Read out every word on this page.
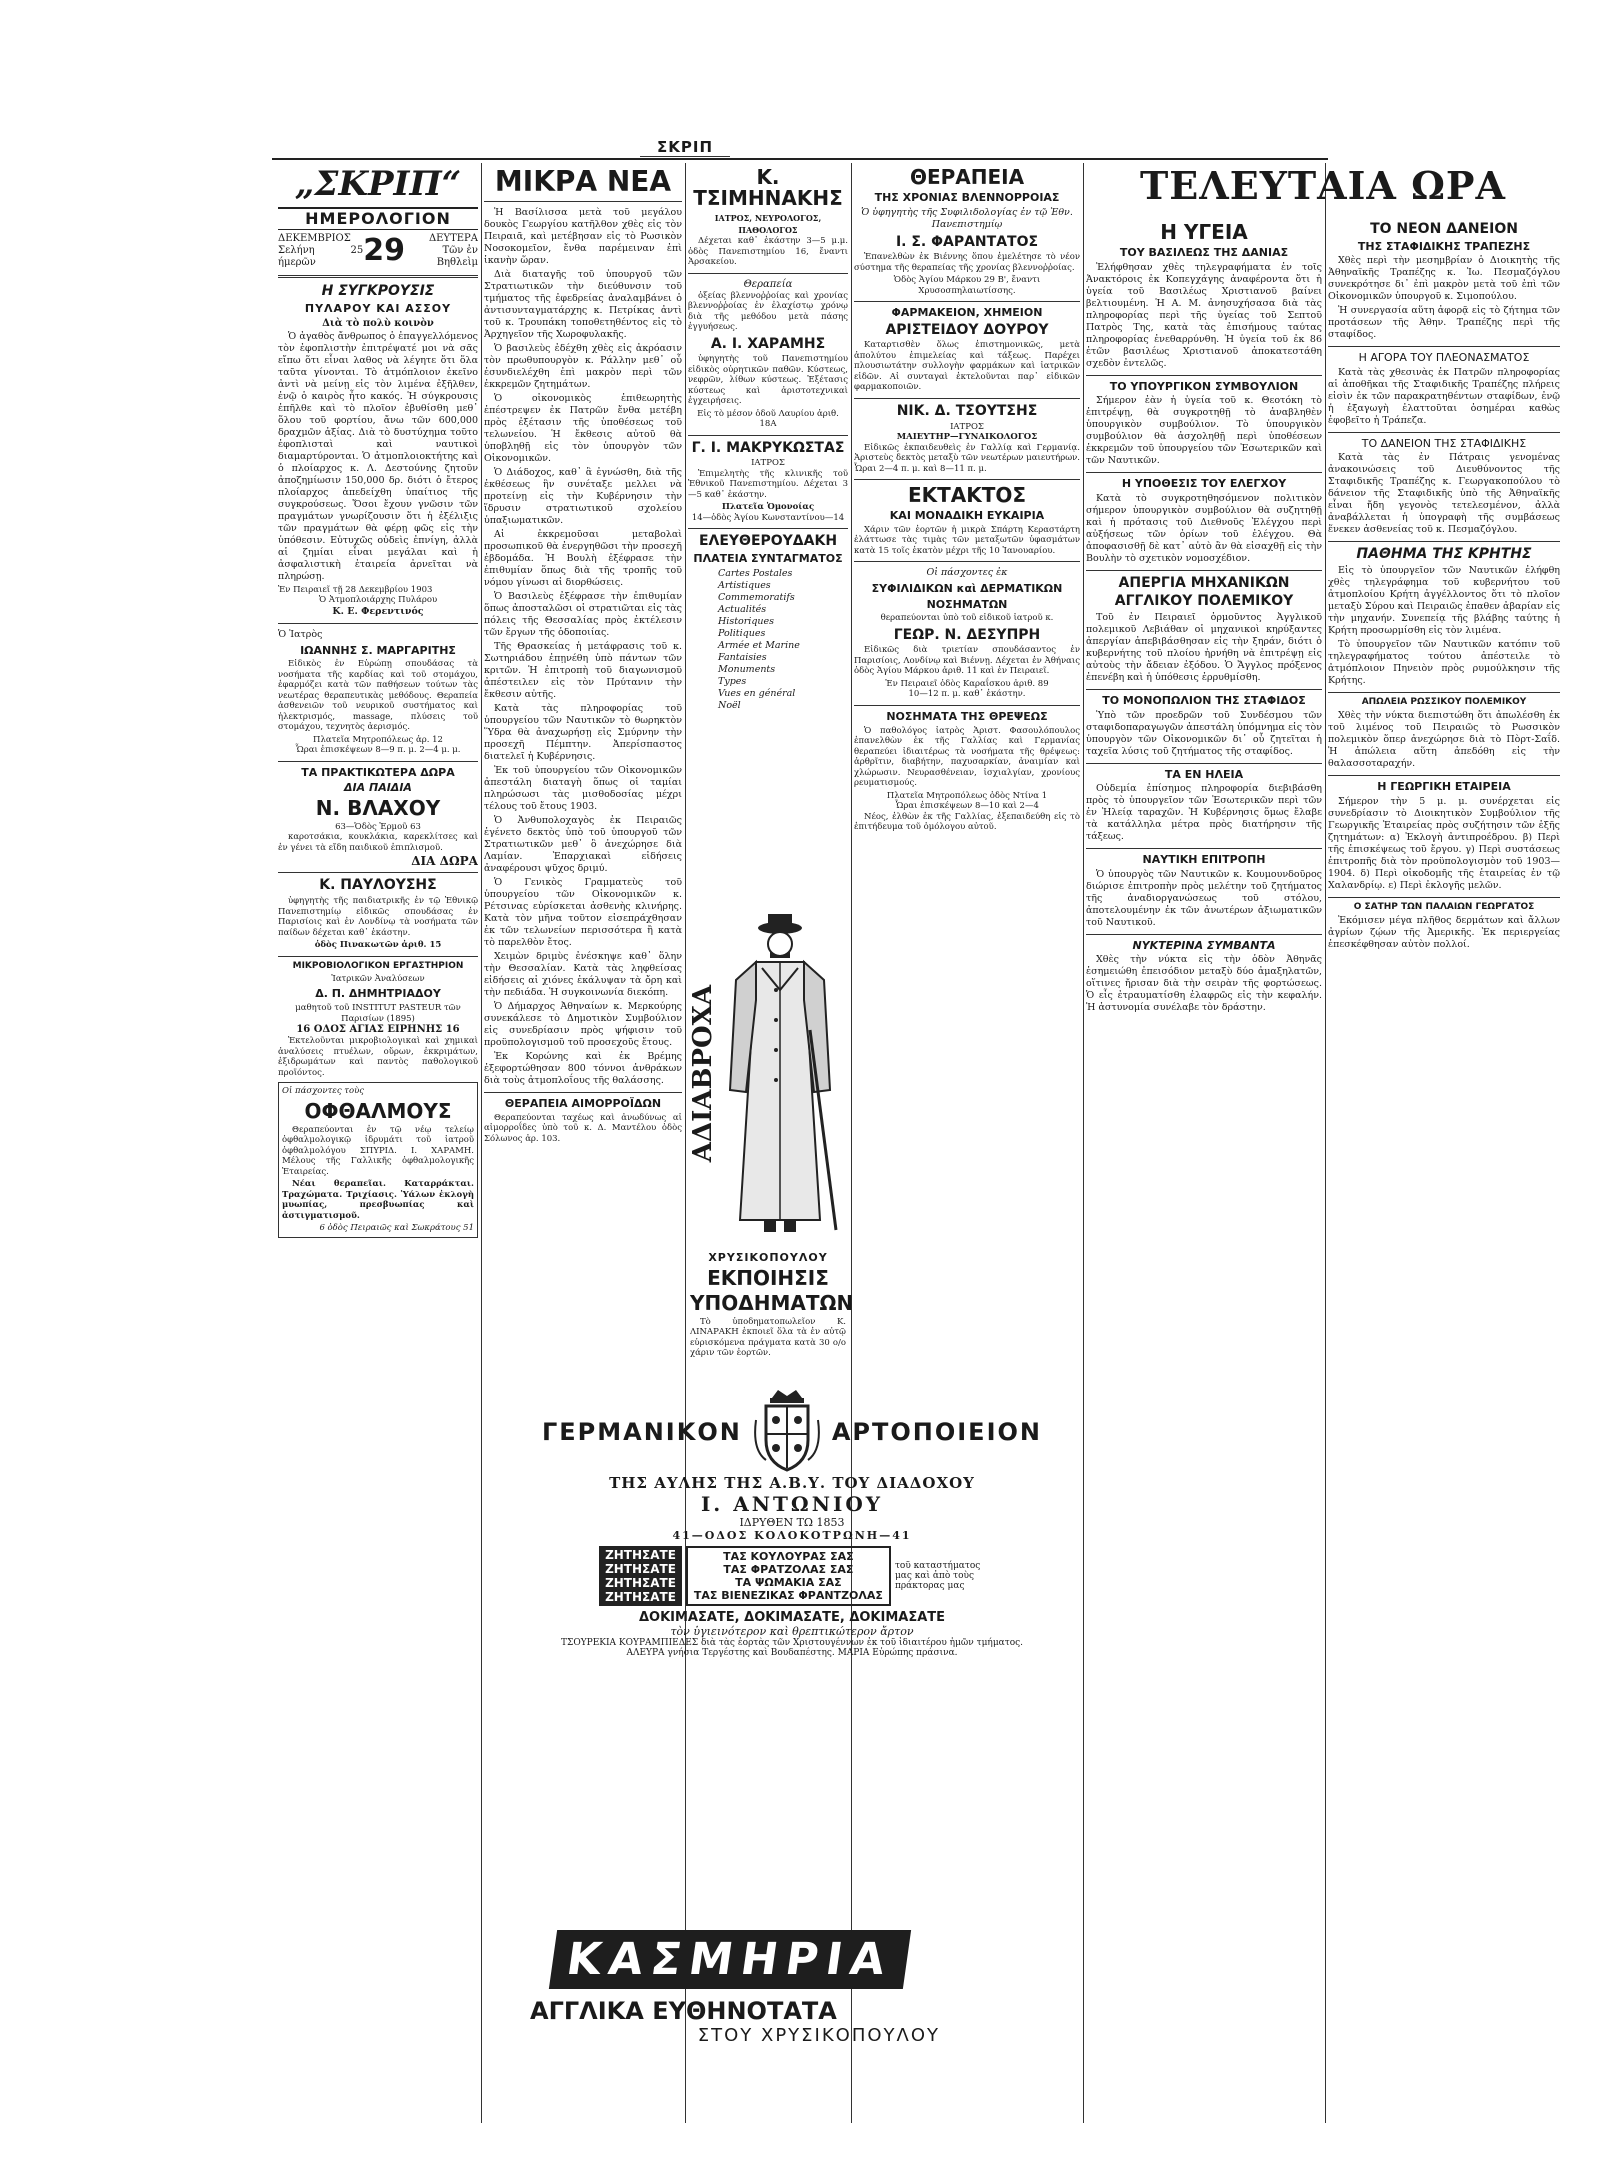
ΣΚΡΙΠ
„ΣΚΡΙΠ“
ΗΜΕΡΟΛΟΓΙΟΝ
ΔΕΚΕΜΒΡΙΟΣ
Σελήνη 25 ήμερῶν	29	ΔΕΥΤΕΡΑ
Τῶν ἐν Βηθλεὶμ
Η ΣΥΓΚΡΟΥΣΙΣ
ΠΥΛΑΡΟΥ ΚΑΙ ΑΣΣΟΥ
Διὰ τὸ πολὺ κοινὸν

Ὁ ἀγαθὸς ἄνθρωπος ὁ ἐπαγγελλόμενος τὸν ἐφοπλιστὴν ἐπιτρέψατέ μοι νὰ σᾶς εἴπω ὅτι εἶναι λαθος νὰ λέγητε ὅτι ὅλα ταῦτα γίνονται. Τὸ ἀτμόπλοιον ἐκεῖνο ἀντὶ νὰ μείνῃ εἰς τὸν λιμένα ἐξῆλθεν, ἐνῷ ὁ καιρὸς ἦτο κακός. Ἡ σύγκρουσις ἐπῆλθε καὶ τὸ πλοῖον ἐβυθίσθη μεθ᾽ ὅλου τοῦ φορτίου, ἄνω τῶν 600,000 δραχμῶν ἀξίας. Διὰ τὸ δυστύχημα τοῦτο ἐφοπλισταὶ καὶ ναυτικοὶ διαμαρτύρονται. Ὁ ἀτμοπλοιοκτήτης καὶ ὁ πλοίαρχος κ. Λ. Δεστούνης ζητοῦν ἀποζημίωσιν 150,000 δρ. διότι ὁ ἔτερος πλοίαρχος ἀπεδείχθη ὑπαίτιος τῆς συγκρούσεως. Ὅσοι ἔχουν γνῶσιν τῶν πραγμάτων γνωρίζουσιν ὅτι ἡ ἐξέλιξις τῶν πραγμάτων θὰ φέρῃ φῶς εἰς τὴν ὑπόθεσιν. Εὐτυχῶς οὐδεὶς ἐπνίγη, ἀλλὰ αἱ ζημίαι εἶναι μεγάλαι καὶ ἡ ἀσφαλιστικὴ ἑταιρεία ἀρνεῖται νὰ πληρώσῃ.

Ἐν Πειραιεῖ τῇ 28 Δεκεμβρίου 1903
Ὁ Ἀτμοπλοιάρχης Πυλάρου
Κ. Ε. Φερεντινός
Ὁ Ἰατρὸς
ΙΩΑΝΝΗΣ Σ. ΜΑΡΓΑΡΙΤΗΣ

Εἰδικὸς ἐν Εὐρώπῃ σπουδάσας τὰ νοσήματα τῆς καρδίας καὶ τοῦ στομάχου, ἐφαρμόζει κατὰ τῶν παθήσεων τούτων τὰς νεωτέρας θεραπευτικὰς μεθόδους. Θεραπεία ἀσθενειῶν τοῦ νευρικοῦ συστήματος καὶ ἠλεκτρισμός, massage, πλύσεις τοῦ στομάχου, τεχνητὸς ἀερισμός.

Πλατεῖα Μητροπόλεως ἀρ. 12
Ὧραι ἐπισκέψεων 8—9 π. μ. 2—4 μ. μ.
ΤΑ ΠΡΑΚΤΙΚΩΤΕΡΑ ΔΩΡΑ
ΔΙΑ ΠΑΙΔΙΑ
Ν. ΒΛΑΧΟΥ
63—Ὁδὸς Ἑρμοῦ 63

καροτσάκια, κουκλάκια, καρεκλίτσες καὶ ἐν γένει τὰ εἴδη παιδικοῦ ἐπιπλισμοῦ.

ΔΙΑ ΔΩΡΑ
Κ. ΠΑΥΛΟΥΣΗΣ

ὑφηγητὴς τῆς παιδιατρικῆς ἐν τῷ Ἐθνικῷ Πανεπιστημίῳ εἰδικῶς σπουδάσας ἐν Παρισίοις καὶ ἐν Λονδίνῳ τὰ νοσήματα τῶν παίδων δέχεται καθ᾽ ἑκάστην.

ὁδὸς Πινακωτῶν ἀριθ. 15
ΜΙΚΡΟΒΙΟΛΟΓΙΚΟΝ ΕΡΓΑΣΤΗΡΙΟΝ
Ἰατρικῶν Ἀναλύσεων
Δ. Π. ΔΗΜΗΤΡΙΑΔΟΥ
μαθητοῦ τοῦ INSTITUT PASTEUR τῶν Παρισίων (1895)
16 ΟΔΟΣ ΑΓΙΑΣ ΕΙΡΗΝΗΣ 16

Ἐκτελοῦνται μικροβιολογικαὶ καὶ χημικαὶ ἀναλύσεις πτυέλων, οὔρων, ἐκκριμάτων, ἐξιδρωμάτων καὶ παντὸς παθολογικοῦ προϊόντος.

Οἱ πάσχοντες τοὺς
ΟΦΘΑΛΜΟΥΣ

Θεραπεύονται ἐν τῷ νέῳ τελείῳ ὀφθαλμολογικῷ ἰδρυμάτι τοῦ ἰατροῦ ὀφθαλμολόγου ΣΠΥΡΙΔ. Ι. ΧΑΡΑΜΗ. Μέλους τῆς Γαλλικῆς ὀφθαλμολογικῆς Ἑταιρείας.

Νέαι θεραπεῖαι. Καταρράκται. Τραχώματα. Τριχίασις. Ὑάλων ἐκλογὴ μυωπίας, πρεσβυωπίας καὶ ἀστιγματισμοῦ.

6 ὁδὸς Πειραιῶς καὶ Σωκράτους 51
ΜΙΚΡΑ ΝΕΑ

Ἡ Βασίλισσα μετὰ τοῦ μεγάλου δουκὸς Γεωργίου κατῆλθον χθὲς εἰς τὸν Πειραιᾶ, καὶ μετέβησαν εἰς τὸ Ρωσικὸν Νοσοκομεῖον, ἔνθα παρέμειναν ἐπὶ ἱκανὴν ὥραν.

Διὰ διαταγῆς τοῦ ὑπουργοῦ τῶν Στρατιωτικῶν τὴν διεύθυνσιν τοῦ τμήματος τῆς ἐφεδρείας ἀναλαμβάνει ὁ ἀντισυνταγματάρχης κ. Πετρίκας ἀντὶ τοῦ κ. Τρουπάκη τοποθετηθέντος εἰς τὸ Ἀρχηγεῖον τῆς Χωροφυλακῆς.

Ὁ βασιλεὺς ἐδέχθη χθὲς εἰς ἀκρόασιν τὸν πρωθυπουργὸν κ. Ράλλην μεθ᾽ οὗ ἐσυνδιελέχθη ἐπὶ μακρὸν περὶ τῶν ἐκκρεμῶν ζητημάτων.

Ὁ οἰκονομικὸς ἐπιθεωρητὴς ἐπέστρεψεν ἐκ Πατρῶν ἔνθα μετέβη πρὸς ἐξέτασιν τῆς ὑποθέσεως τοῦ τελωνείου. Ἡ ἔκθεσις αὐτοῦ θὰ ὑποβληθῇ εἰς τὸν ὑπουργὸν τῶν Οἰκονομικῶν.

Ὁ Διάδοχος, καθ᾽ ἃ ἐγνώσθη, διὰ τῆς ἐκθέσεως ἣν συνέταξε μελλει νὰ προτείνῃ εἰς τὴν Κυβέρνησιν τὴν ἵδρυσιν στρατιωτικοῦ σχολείου ὑπαξιωματικῶν.

Αἱ ἐκκρεμοῦσαι μεταβολαὶ προσωπικοῦ θὰ ἐνεργηθῶσι τὴν προσεχῆ ἑβδομάδα. Ἡ Βουλὴ ἐξέφρασε τὴν ἐπιθυμίαν ὅπως διὰ τῆς τροπῆς τοῦ νόμου γίνωσι αἱ διορθώσεις.

Ὁ Βασιλεὺς ἐξέφρασε τὴν ἐπιθυμίαν ὅπως ἀποσταλῶσι οἱ στρατιῶται εἰς τὰς πόλεις τῆς Θεσσαλίας πρὸς ἐκτέλεσιν τῶν ἔργων τῆς ὁδοποιίας.

Τῆς Θρασκείας ἡ μετάφρασις τοῦ κ. Σωτηριάδου ἐπῃνέθη ὑπὸ πάντων τῶν κριτῶν. Ἡ ἐπιτροπὴ τοῦ διαγωνισμοῦ ἀπέστειλεν εἰς τὸν Πρύτανιν τὴν ἔκθεσιν αὐτῆς.

Κατὰ τὰς πληροφορίας τοῦ ὑπουργείου τῶν Ναυτικῶν τὸ θωρηκτὸν Ὕδρα θὰ ἀναχωρήσῃ εἰς Σμύρνην τὴν προσεχῆ Πέμπτην. Ἀπερίσπαστος διατελεῖ ἡ Κυβέρνησις.

Ἐκ τοῦ ὑπουργείου τῶν Οἰκονομικῶν ἀπεστάλη διαταγὴ ὅπως οἱ ταμίαι πληρώσωσι τὰς μισθοδοσίας μέχρι τέλους τοῦ ἔτους 1903.

Ὁ Ἀνθυπολοχαγὸς ἐκ Πειραιῶς ἐγένετο δεκτὸς ὑπὸ τοῦ ὑπουργοῦ τῶν Στρατιωτικῶν μεθ᾽ ὃ ἀνεχώρησε διὰ Λαμίαν. Ἐπαρχιακαὶ εἰδήσεις ἀναφέρουσι ψῦχος δριμύ.

Ὁ Γενικὸς Γραμματεὺς τοῦ ὑπουργείου τῶν Οἰκονομικῶν κ. Ρέτσινας εὑρίσκεται ἀσθενὴς κλινήρης. Κατὰ τὸν μῆνα τοῦτον εἰσεπράχθησαν ἐκ τῶν τελωνείων περισσότερα ἢ κατὰ τὸ παρελθὸν ἔτος.

Χειμὼν δριμὺς ἐνέσκηψε καθ᾽ ὅλην τὴν Θεσσαλίαν. Κατὰ τὰς ληφθείσας εἰδήσεις αἱ χιόνες ἐκάλυψαν τὰ ὄρη καὶ τὴν πεδιάδα. Ἡ συγκοινωνία διεκόπη.

Ὁ Δήμαρχος Ἀθηναίων κ. Μερκούρης συνεκάλεσε τὸ Δημοτικὸν Συμβούλιον εἰς συνεδρίασιν πρὸς ψήφισιν τοῦ προϋπολογισμοῦ τοῦ προσεχοῦς ἔτους.

Ἐκ Κορώνης καὶ ἐκ Βρέμης ἐξεφορτώθησαν 800 τόννοι ἀνθράκων διὰ τοὺς ἀτμοπλοΐους τῆς θαλάσσης.

ΘΕΡΑΠΕΙΑ ΑΙΜΟΡΡΟΪΔΩΝ

Θεραπεύονται ταχέως καὶ ἀνωδύνως αἱ αἱμορροΐδες ὑπὸ τοῦ κ. Δ. Μαντέλου ὁδὸς Σόλωνος ἀρ. 103.

Κ. ΤΣΙΜΗΝΑΚΗΣ
ΙΑΤΡΟΣ, ΝΕΥΡΟΛΟΓΟΣ, ΠΑΘΟΛΟΓΟΣ

Δέχεται καθ᾽ ἑκάστην 3—5 μ.μ. ὁδὸς Πανεπιστημίου 16, ἔναντι Ἀρσακείου.

Θεραπεία

ὀξείας βλεννοῤῥοίας καὶ χρονίας βλεννοῤῥοίας ἐν ἐλαχίστῳ χρόνῳ διὰ τῆς μεθόδου μετὰ πάσης ἐγγυήσεως.

Α. Ι. ΧΑΡΑΜΗΣ

ὑφηγητὴς τοῦ Πανεπιστημίου εἰδικὸς οὐρητικῶν παθῶν. Κύστεως, νεφρῶν, λίθων κύστεως. Ἐξέτασις κύστεως καὶ ἀριστοτεχνικαὶ ἐγχειρήσεις.

Εἰς τὸ μέσον ὁδοῦ Λαυρίου ἀριθ. 18Α
Γ. Ι. ΜΑΚΡΥΚΩΣΤΑΣ
ΙΑΤΡΟΣ

Ἐπιμελητὴς τῆς κλινικῆς τοῦ Ἐθνικοῦ Πανεπιστημίου. Δέχεται 3—5 καθ᾽ ἑκάστην.

Πλατεῖα Ὁμονοίας
14—ὁδὸς Ἁγίου Κωνσταντίνου—14
ΕΛΕΥΘΕΡΟΥΔΑΚΗ
ΠΛΑΤΕΙΑ ΣΥΝΤΑΓΜΑΤΟΣ
Cartes Postales
Artistiques
Commemoratifs
Actualités
Historiques
Politiques
Armée et Marine
Fantaisies
Monuments
Types
Vues en général
Noël
ΑΔΙΑΒΡΟΧΑ
ΧΡΥΣΙΚΟΠΟΥΛΟΥ
ΕΚΠΟΙΗΣΙΣ
ΥΠΟΔΗΜΑΤΩΝ

Τὸ ὑποδηματοπωλεῖον Κ. ΛΙΝΑΡΑΚΗ ἐκποιεῖ ὅλα τὰ ἐν αὐτῷ εὑρισκόμενα πράγματα κατὰ 30 ο/ο χάριν τῶν ἑορτῶν.

ΘΕΡΑΠΕΙΑ
ΤΗΣ ΧΡΟΝΙΑΣ ΒΛΕΝΝΟΡΡΟΙΑΣ
Ὁ ὑφηγητὴς τῆς Συφιλιδολογίας ἐν τῷ Ἐθν. Πανεπιστημίῳ
Ι. Σ. ΦΑΡΑΝΤΑΤΟΣ

Ἐπανελθὼν ἐκ Βιέννης ὅπου ἐμελέτησε τὸ νέον σύστημα τῆς θεραπείας τῆς χρονίας βλεννοῤῥοίας.

Ὁδὸς Ἁγίου Μάρκου 29 Β', ἔναντι Χρυσοσπηλαιωτίσσης.
ΦΑΡΜΑΚΕΙΟΝ, ΧΗΜΕΙΟΝ
ΑΡΙΣΤΕΙΔΟΥ ΔΟΥΡΟΥ

Καταρτισθὲν ὅλως ἐπιστημονικῶς, μετὰ ἀπολύτου ἐπιμελείας καὶ τάξεως. Παρέχει πλουσιωτάτην συλλογὴν φαρμάκων καὶ ἰατρικῶν εἰδῶν. Αἱ συνταγαὶ ἐκτελοῦνται παρ᾽ εἰδικῶν φαρμακοποιῶν.

ΝΙΚ. Δ. ΤΣΟΥΤΣΗΣ
ΙΑΤΡΟΣ
ΜΑΙΕΥΤΗΡ—ΓΥΝΑΙΚΟΛΟΓΟΣ

Εἰδικῶς ἐκπαιδευθεὶς ἐν Γαλλίᾳ καὶ Γερμανίᾳ. Ἀριστεὺς δεκτὸς μεταξὺ τῶν νεωτέρων μαιευτήρων. Ὧραι 2—4 π. μ. καὶ 8—11 π. μ.

ΕΚΤΑΚΤΟΣ
ΚΑΙ ΜΟΝΑΔΙΚΗ ΕΥΚΑΙΡΙΑ

Χάριν τῶν ἑορτῶν ἡ μικρὰ Σπάρτη Κεραστάρτη ἐλάττωσε τὰς τιμὰς τῶν μεταξωτῶν ὑφασμάτων κατὰ 15 τοῖς ἑκατὸν μέχρι τῆς 10 Ἰανουαρίου.

Οἱ πάσχοντες ἐκ
ΣΥΦΙΛΙΔΙΚΩΝ καὶ ΔΕΡΜΑΤΙΚΩΝ
ΝΟΣΗΜΑΤΩΝ
θεραπεύονται ὑπὸ τοῦ εἰδικοῦ ἰατροῦ κ.
ΓΕΩΡ. Ν. ΔΕΣΥΠΡΗ

Εἰδικῶς διὰ τριετίαν σπουδάσαντος ἐν Παρισίοις, Λονδίνῳ καὶ Βιέννῃ. Δέχεται ἐν Ἀθήναις ὁδὸς Ἁγίου Μάρκου ἀριθ. 11 καὶ ἐν Πειραιεῖ.

Ἐν Πειραιεῖ ὁδὸς Καραΐσκου ἀριθ. 89
10—12 π. μ. καθ᾽ ἑκάστην.
ΝΟΣΗΜΑΤΑ ΤΗΣ ΘΡΕΨΕΩΣ

Ὁ παθολόγος ἰατρὸς Ἀριστ. Φασουλόπουλος ἐπανελθὼν ἐκ τῆς Γαλλίας καὶ Γερμανίας θεραπεύει ἰδιαιτέρως τὰ νοσήματα τῆς θρέψεως: ἀρθρῖτιν, διαβήτην, παχυσαρκίαν, ἀναιμίαν καὶ χλώρωσιν. Νευρασθένειαν, ἰσχιαλγίαν, χρονίους ρευματισμούς.

Πλατεῖα Μητροπόλεως ὁδὸς Ντίνα 1
Ὧραι ἐπισκέψεων 8—10 καὶ 2—4

Νέος, ἐλθὼν ἐκ τῆς Γαλλίας, ἐξεπαιδεύθη εἰς τὸ ἐπιτήδευμα τοῦ ὁμόλογου αὐτοῦ.

ΓΕΡΜΑΝΙΚΟΝ	ΑΡΤΟΠΟΙΕΙΟΝ
ΤΗΣ ΑΥΛΗΣ ΤΗΣ Α.Β.Υ. ΤΟΥ ΔΙΑΔΟΧΟΥ
Ι. ΑΝΤΩΝΙΟΥ
ΙΔΡΥΘΕΝ ΤΩ 1853
41—ΟΔΟΣ ΚΟΛΟΚΟΤΡΩΝΗ—41
ΖΗΤΗΣΑΤΕ
ΖΗΤΗΣΑΤΕ
ΖΗΤΗΣΑΤΕ
ΖΗΤΗΣΑΤΕ
ΤΑΣ ΚΟΥΛΟΥΡΑΣ ΣΑΣ
ΤΑΣ ΦΡΑΤΖΟΛΑΣ ΣΑΣ
ΤΑ ΨΩΜΑΚΙΑ ΣΑΣ
ΤΑΣ ΒΙΕΝΕΖΙΚΑΣ ΦΡΑΝΤΖΟΛΑΣ
τοῦ καταστήματος μας καὶ ἀπὸ τοὺς πράκτορας μας
ΔΟΚΙΜΑΣΑΤΕ, ΔΟΚΙΜΑΣΑΤΕ, ΔΟΚΙΜΑΣΑΤΕ
τὸν ὑγιεινότερον καὶ θρεπτικώτερον ἄρτον
ΤΣΟΥΡΕΚΙΑ ΚΟΥΡΑΜΠΙΕΔΕΣ διὰ τὰς ἑορτὰς τῶν Χριστουγέννων ἐκ τοῦ ἰδιαιτέρου ἡμῶν τμήματος.
ΑΛΕΥΡΑ γνήσια Τεργέστης καὶ Βουδαπέστης. ΜΑΡΙΑ Εὐρώπης πράσινα.
ΚΑΣΜΗΡΙΑ
ΑΓΓΛΙΚΑ ΕΥΘΗΝΟΤΑΤΑ
ΣΤΟΥ ΧΡΥΣΙΚΟΠΟΥΛΟΥ
ΤΕΛΕΥΤΑΙΑ ΩΡΑ
Η ΥΓΕΙΑ
ΤΟΥ ΒΑΣΙΛΕΩΣ ΤΗΣ ΔΑΝΙΑΣ

Ἐλήφθησαν χθὲς τηλεγραφήματα ἐν τοῖς Ἀνακτόροις ἐκ Κοπεγχάγης ἀναφέροντα ὅτι ἡ ὑγεία τοῦ Βασιλέως Χριστιανοῦ βαίνει βελτιουμένη. Ἡ Α. Μ. ἀνησυχήσασα διὰ τὰς πληροφορίας περὶ τῆς ὑγείας τοῦ Σεπτοῦ Πατρὸς Της, κατὰ τὰς ἐπισήμους ταύτας πληροφορίας ἐνεθαρρύνθη. Ἡ ὑγεία τοῦ ἐκ 86 ἐτῶν βασιλέως Χριστιανοῦ ἀποκατεστάθη σχεδὸν ἐντελῶς.

ΤΟ ΥΠΟΥΡΓΙΚΟΝ ΣΥΜΒΟΥΛΙΟΝ

Σήμερον ἐὰν ἡ ὑγεία τοῦ κ. Θεοτόκη τὸ ἐπιτρέψῃ, θὰ συγκροτηθῇ τὸ ἀναβληθὲν ὑπουργικὸν συμβούλιον. Τὸ ὑπουργικὸν συμβούλιον θὰ ἀσχοληθῇ περὶ ὑποθέσεων ἐκκρεμῶν τοῦ ὑπουργείου τῶν Ἐσωτερικῶν καὶ τῶν Ναυτικῶν.

Η ΥΠΟΘΕΣΙΣ ΤΟΥ ΕΛΕΓΧΟΥ

Κατὰ τὸ συγκροτηθησόμενον πολιτικὸν σήμερον ὑπουργικὸν συμβούλιον θὰ συζητηθῇ καὶ ἡ πρότασις τοῦ Διεθνοῦς Ἐλέγχου περὶ αὐξήσεως τῶν ὀρίων τοῦ ἐλέγχου. Θὰ ἀποφασισθῇ δὲ κατ᾽ αὐτὸ ἂν θὰ εἰσαχθῇ εἰς τὴν Βουλὴν τὸ σχετικὸν νομοσχέδιον.

ΑΠΕΡΓΙΑ ΜΗΧΑΝΙΚΩΝ
ΑΓΓΛΙΚΟΥ ΠΟΛΕΜΙΚΟΥ

Τοῦ ἐν Πειραιεῖ ὁρμοῦντος Ἀγγλικοῦ πολεμικοῦ Λεβιάθαν οἱ μηχανικοὶ κηρύξαντες ἀπεργίαν ἀπεβιβάσθησαν εἰς τὴν ξηράν, διότι ὁ κυβερνήτης τοῦ πλοίου ἠρνήθη νὰ ἐπιτρέψῃ εἰς αὐτοὺς τὴν ἄδειαν ἐξόδου. Ὁ Ἄγγλος πρόξενος ἐπενέβη καὶ ἡ ὑπόθεσις ἐρρυθμίσθη.

ΤΟ ΜΟΝΟΠΩΛΙΟΝ ΤΗΣ ΣΤΑΦΙΔΟΣ

Ὑπὸ τῶν προεδρῶν τοῦ Συνδέσμου τῶν σταφιδοπαραγωγῶν ἀπεστάλη ὑπόμνημα εἰς τὸν ὑπουργὸν τῶν Οἰκονομικῶν δι᾽ οὗ ζητεῖται ἡ ταχεῖα λύσις τοῦ ζητήματος τῆς σταφίδος.

ΤΑ ΕΝ ΗΛΕΙΑ

Οὐδεμία ἐπίσημος πληροφορία διεβιβάσθη πρὸς τὸ ὑπουργεῖον τῶν Ἐσωτερικῶν περὶ τῶν ἐν Ἠλείᾳ ταραχῶν. Ἡ Κυβέρνησις ὅμως ἔλαβε τὰ κατάλληλα μέτρα πρὸς διατήρησιν τῆς τάξεως.

ΝΑΥΤΙΚΗ ΕΠΙΤΡΟΠΗ

Ὁ ὑπουργὸς τῶν Ναυτικῶν κ. Κουμουνδοῦρος διώρισε ἐπιτροπὴν πρὸς μελέτην τοῦ ζητήματος τῆς ἀναδιοργανώσεως τοῦ στόλου, ἀποτελουμένην ἐκ τῶν ἀνωτέρων ἀξιωματικῶν τοῦ Ναυτικοῦ.

ΝΥΚΤΕΡΙΝΑ ΣΥΜΒΑΝΤΑ

Χθὲς τὴν νύκτα εἰς τὴν ὁδὸν Ἀθηνᾶς ἐσημειώθη ἐπεισόδιον μεταξὺ δύο ἀμαξηλατῶν, οἵτινες ἤρισαν διὰ τὴν σειρὰν τῆς φορτώσεως. Ὁ εἷς ἐτραυματίσθη ἐλαφρῶς εἰς τὴν κεφαλήν. Ἡ ἀστυνομία συνέλαβε τὸν δράστην.

ΤΟ ΝΕΟΝ ΔΑΝΕΙΟΝ
ΤΗΣ ΣΤΑΦΙΔΙΚΗΣ ΤΡΑΠΕΖΗΣ

Χθὲς περὶ τὴν μεσημβρίαν ὁ Διοικητὴς τῆς Ἀθηναϊκῆς Τραπέζης κ. Ἰω. Πεσμαζόγλου συνεκρότησε δι᾽ ἐπὶ μακρὸν μετὰ τοῦ ἐπὶ τῶν Οἰκονομικῶν ὑπουργοῦ κ. Σιμοπούλου.

Ἡ συνεργασία αὕτη ἀφορᾷ εἰς τὸ ζήτημα τῶν προτάσεων τῆς Ἀθην. Τραπέζης περὶ τῆς σταφίδος.

Η ΑΓΟΡΑ ΤΟΥ ΠΛΕΟΝΑΣΜΑΤΟΣ

Κατὰ τὰς χθεσινὰς ἐκ Πατρῶν πληροφορίας αἱ ἀποθῆκαι τῆς Σταφιδικῆς Τραπέζης πλήρεις εἰσὶν ἐκ τῶν παρακρατηθέντων σταφίδων, ἐνῷ ἡ ἐξαγωγὴ ἐλαττοῦται ὁσημέραι καθὼς ἐφοβεῖτο ἡ Τράπεζα.

ΤΟ ΔΑΝΕΙΟΝ ΤΗΣ ΣΤΑΦΙΔΙΚΗΣ

Κατὰ τὰς ἐν Πάτραις γενομένας ἀνακοινώσεις τοῦ Διευθύνοντος τῆς Σταφιδικῆς Τραπέζης κ. Γεωργακοπούλου τὸ δάνειον τῆς Σταφιδικῆς ὑπὸ τῆς Ἀθηναϊκῆς εἶναι ἤδη γεγονὸς τετελεσμένον, ἀλλὰ ἀναβάλλεται ἡ ὑπογραφὴ τῆς συμβάσεως ἕνεκεν ἀσθενείας τοῦ κ. Πεσμαζόγλου.

ΠΑΘΗΜΑ ΤΗΣ ΚΡΗΤΗΣ

Εἰς τὸ ὑπουργεῖον τῶν Ναυτικῶν ἐλήφθη χθὲς τηλεγράφημα τοῦ κυβερνήτου τοῦ ἀτμοπλοίου Κρήτη ἀγγέλλοντος ὅτι τὸ πλοῖον μεταξὺ Σύρου καὶ Πειραιῶς ἐπαθεν ἀβαρίαν εἰς τὴν μηχανήν. Συνεπείᾳ τῆς βλάβης ταύτης ἡ Κρήτη προσωρμίσθη εἰς τὸν λιμένα.

Τὸ ὑπουργεῖον τῶν Ναυτικῶν κατόπιν τοῦ τηλεγραφήματος τούτου ἀπέστειλε τὸ ἀτμόπλοιον Πηνειὸν πρὸς ρυμούλκησιν τῆς Κρήτης.

ΑΠΩΛΕΙΑ ΡΩΣΣΙΚΟΥ ΠΟΛΕΜΙΚΟΥ

Χθὲς τὴν νύκτα διεπιστώθη ὅτι ἀπωλέσθη ἐκ τοῦ λιμένος τοῦ Πειραιῶς τὸ Ρωσσικὸν πολεμικὸν ὅπερ ἀνεχώρησε διὰ τὸ Πὸρτ-Σαΐδ. Ἡ ἀπώλεια αὕτη ἀπεδόθη εἰς τὴν θαλασσοταραχήν.

Η ΓΕΩΡΓΙΚΗ ΕΤΑΙΡΕΙΑ

Σήμερον τὴν 5 μ. μ. συνέρχεται εἰς συνεδρίασιν τὸ Διοικητικὸν Συμβούλιον τῆς Γεωργικῆς Ἑταιρείας πρὸς συζήτησιν τῶν ἑξῆς ζητημάτων: α) Ἐκλογὴ ἀντιπροέδρου. β) Περὶ τῆς ἐπισκέψεως τοῦ ἔργου. γ) Περὶ συστάσεως ἐπιτροπῆς διὰ τὸν προϋπολογισμὸν τοῦ 1903—1904. δ) Περὶ οἰκοδομῆς τῆς ἑταιρείας ἐν τῷ Χαλανδρίῳ. ε) Περὶ ἐκλογῆς μελῶν.

Ο ΣΑΤΗΡ ΤΩΝ ΠΑΛΑΙΩΝ ΓΕΩΡΓΑΤΟΣ

Ἐκόμισεν μέγα πλῆθος δερμάτων καὶ ἄλλων ἀγρίων ζῴων τῆς Ἀμερικῆς. Ἐκ περιεργείας ἐπεσκέφθησαν αὐτὸν πολλοί.
